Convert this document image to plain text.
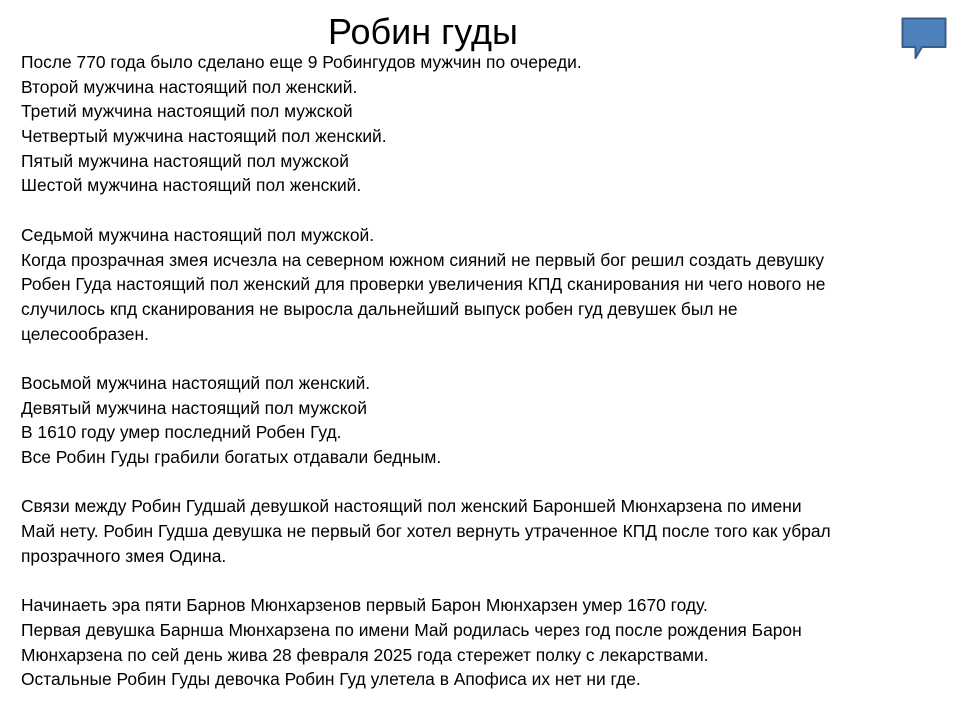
Робин гуды
После 770 года было сделано еще 9 Робингудов мужчин по очереди.
Второй мужчина настоящий пол женский.
Третий мужчина настоящий пол мужской
Четвертый мужчина настоящий пол женский.
Пятый мужчина настоящий пол мужской
Шестой мужчина настоящий пол женский.
Седьмой мужчина настоящий пол мужской.
Когда прозрачная змея исчезла на северном южном сияний не первый бог решил создать девушку
Робен Гуда настоящий пол женский для проверки увеличения КПД сканирования ни чего нового не
случилось кпд сканирования не выросла дальнейший выпуск робен гуд девушек был не
целесообразен.
Восьмой мужчина настоящий пол женский.
Девятый мужчина настоящий пол мужской
В 1610 году умер последний Робен Гуд.
Все Робин Гуды грабили богатых отдавали бедным.
Связи между Робин Гудшай девушкой настоящий пол женский Бароншей Мюнхарзена по имени
Май нету. Робин Гудша девушка не первый бог хотел вернуть утраченное КПД после того как убрал
прозрачного змея Одина.
Начинаеть эра пяти Барнов Мюнхарзенов первый Барон Мюнхарзен умер 1670 году.
Первая девушка Барнша Мюнхарзена по имени Май родилась через год после рождения Барон
Мюнхарзена по сей день жива 28 февраля 2025 года стережет полку с лекарствами.
Остальные Робин Гуды девочка Робин Гуд улетела в Апофиса их нет ни где.
